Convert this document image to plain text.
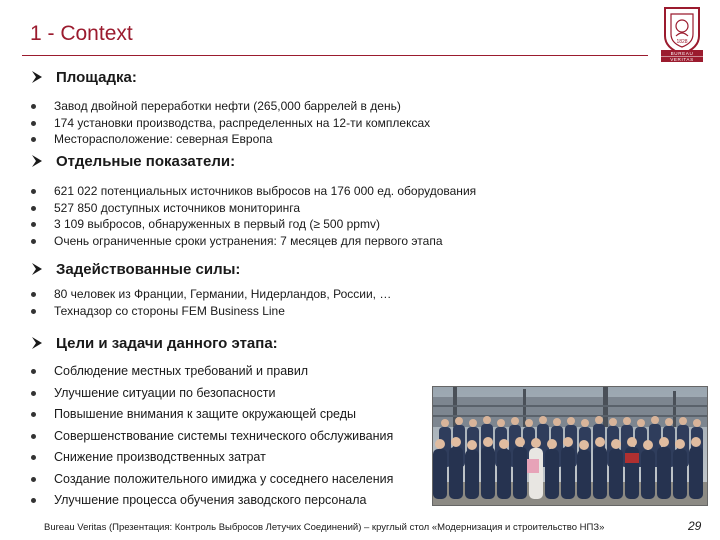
1 - Context	1828
BUREAU
VERITAS
Площадка:
Завод двойной переработки нефти (265,000 баррелей в день)
174 установки производства, распределенных на 12-ти комплексах
Месторасположение: северная Европа
Отдельные показатели:
621 022 потенциальных источников выбросов на 176 000 ед. оборудования
527 850 доступных источников мониторинга
3 109 выбросов, обнаруженных в первый год (≥ 500 ppmv)
Очень ограниченные сроки устранения: 7 месяцев для первого этапа
Задействованные силы:
80 человек из Франции, Германии, Нидерландов, России, …
Технадзор со стороны FEM Business Line
Цели и задачи данного этапа:
Соблюдение местных требований и правил
Улучшение ситуации по безопасности
Повышение внимания к защите окружающей среды
Совершенствование системы технического обслуживания
Снижение производственных затрат
Создание положительного имиджа у соседнего населения
Улучшение процесса обучения заводского персонала
Bureau Veritas (Презентация: Контроль Выбросов Летучих Соединений) – круглый стол «Модернизация и строительство НПЗ»	29
